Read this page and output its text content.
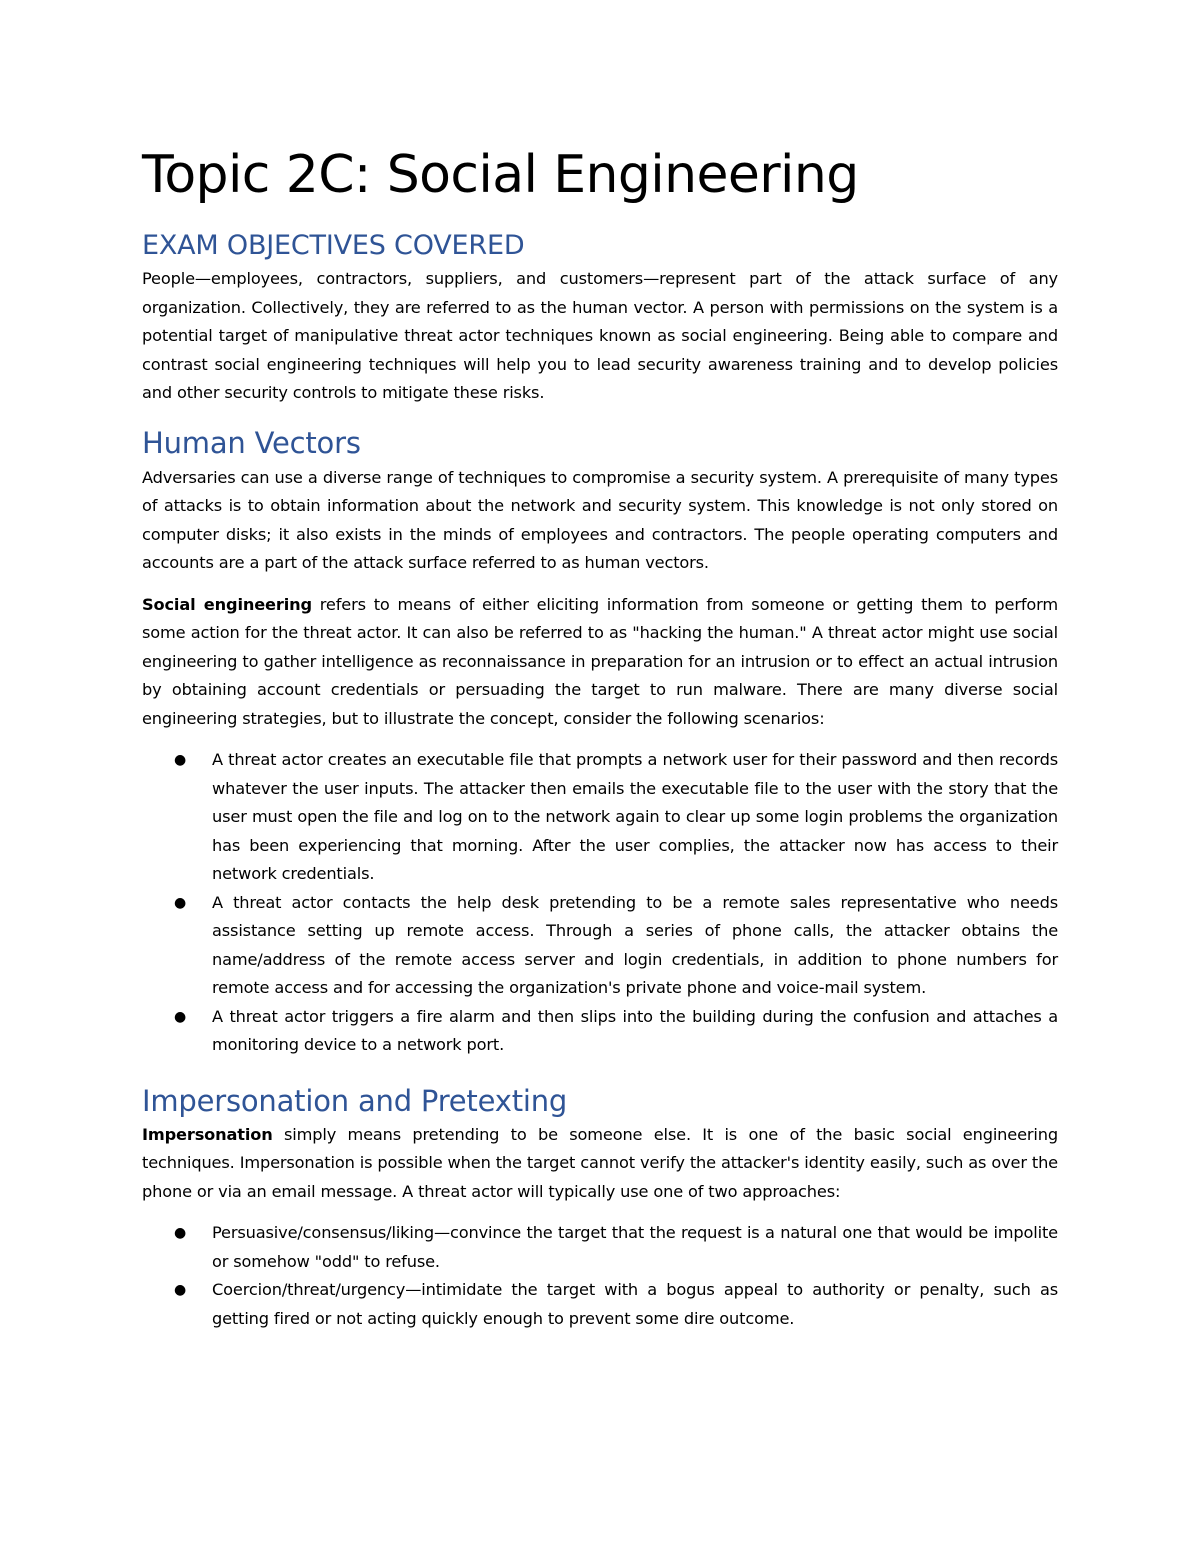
Topic 2C: Social Engineering
EXAM OBJECTIVES COVERED

People—employees, contractors, suppliers, and customers—represent part of the attack surface of any organization. Collectively, they are referred to as the human vector. A person with permissions on the system is a potential target of manipulative threat actor techniques known as social engineering. Being able to compare and contrast social engineering techniques will help you to lead security awareness training and to develop policies and other security controls to mitigate these risks.

Human Vectors

Adversaries can use a diverse range of techniques to compromise a security system. A prerequisite of many types of attacks is to obtain information about the network and security system. This knowledge is not only stored on computer disks; it also exists in the minds of employees and contractors. The people operating computers and accounts are a part of the attack surface referred to as human vectors.

Social engineering refers to means of either eliciting information from someone or getting them to perform some action for the threat actor. It can also be referred to as "hacking the human." A threat actor might use social engineering to gather intelligence as reconnaissance in preparation for an intrusion or to effect an actual intrusion by obtaining account credentials or persuading the target to run malware. There are many diverse social engineering strategies, but to illustrate the concept, consider the following scenarios:

● A threat actor creates an executable file that prompts a network user for their password and then records whatever the user inputs. The attacker then emails the executable file to the user with the story that the user must open the file and log on to the network again to clear up some login problems the organization has been experiencing that morning. After the user complies, the attacker now has access to their network credentials.
● A threat actor contacts the help desk pretending to be a remote sales representative who needs assistance setting up remote access. Through a series of phone calls, the attacker obtains the name/address of the remote access server and login credentials, in addition to phone numbers for remote access and for accessing the organization's private phone and voice-mail system.
● A threat actor triggers a fire alarm and then slips into the building during the confusion and attaches a monitoring device to a network port.
Impersonation and Pretexting

Impersonation simply means pretending to be someone else. It is one of the basic social engineering techniques. Impersonation is possible when the target cannot verify the attacker's identity easily, such as over the phone or via an email message. A threat actor will typically use one of two approaches:

● Persuasive/consensus/liking—convince the target that the request is a natural one that would be impolite or somehow "odd" to refuse.
● Coercion/threat/urgency—intimidate the target with a bogus appeal to authority or penalty, such as getting fired or not acting quickly enough to prevent some dire outcome.
